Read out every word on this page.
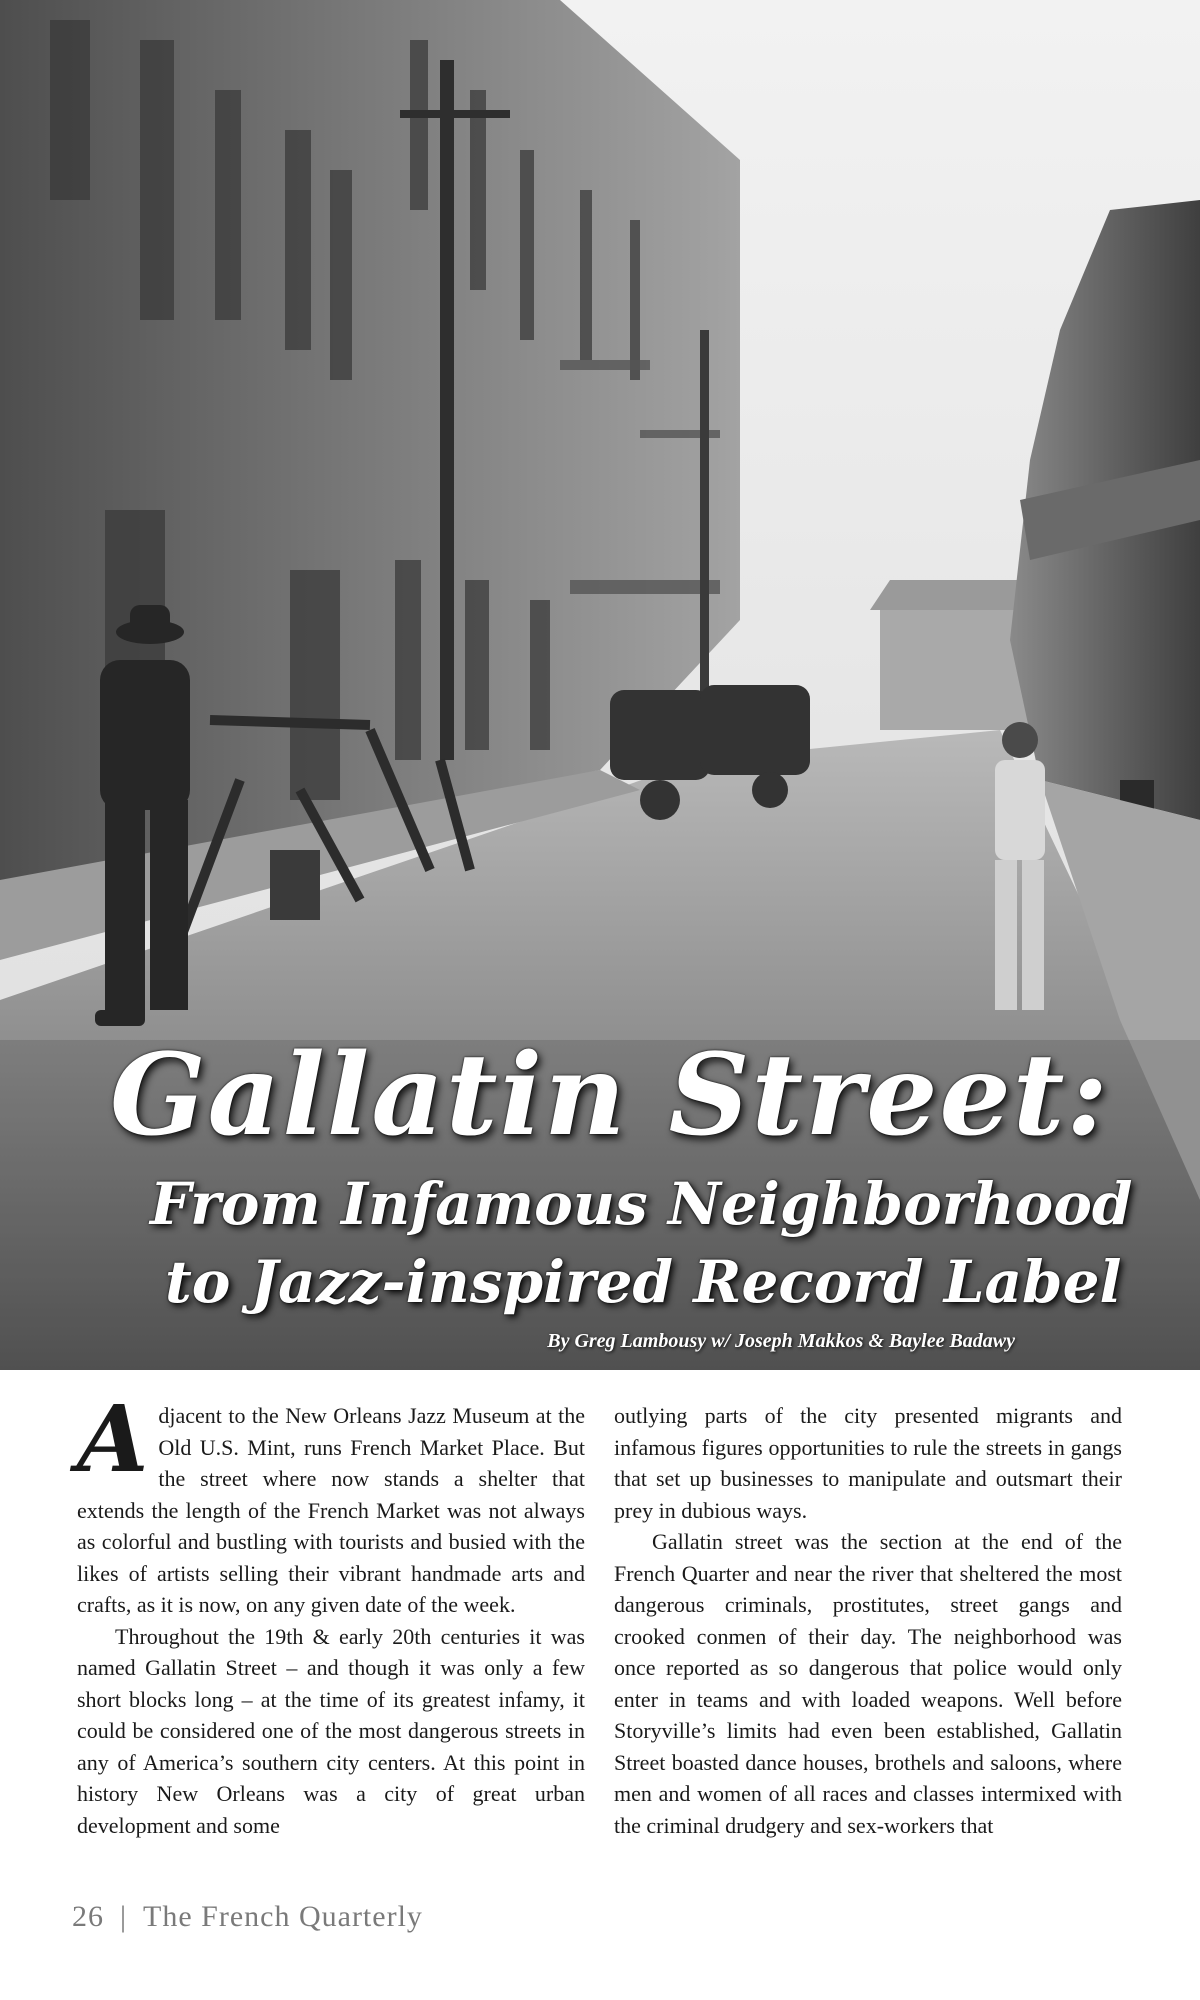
Gallatin Street:
From Infamous Neighborhood
to Jazz-inspired Record Label
By Greg Lambousy w/ Joseph Makkos & Baylee Badawy

Adjacent to the New Orleans Jazz Museum at the Old U.S. Mint, runs French Market Place. But the street where now stands a shelter that extends the length of the French Market was not always as colorful and bustling with tourists and busied with the likes of artists selling their vibrant handmade arts and crafts, as it is now, on any given date of the week.

Throughout the 19th & early 20th centuries it was named Gallatin Street – and though it was only a few short blocks long – at the time of its greatest infamy, it could be considered one of the most dangerous streets in any of America’s southern city centers. At this point in history New Orleans was a city of great urban development and some

outlying parts of the city presented migrants and infamous figures opportunities to rule the streets in gangs that set up businesses to manipulate and outsmart their prey in dubious ways.

Gallatin street was the section at the end of the French Quarter and near the river that sheltered the most dangerous criminals, prostitutes, street gangs and crooked conmen of their day. The neighborhood was once reported as so dangerous that police would only enter in teams and with loaded weapons. Well before Storyville’s limits had even been established, Gallatin Street boasted dance houses, brothels and saloons, where men and women of all races and classes intermixed with the criminal drudgery and sex-workers that

26 | The French Quarterly
